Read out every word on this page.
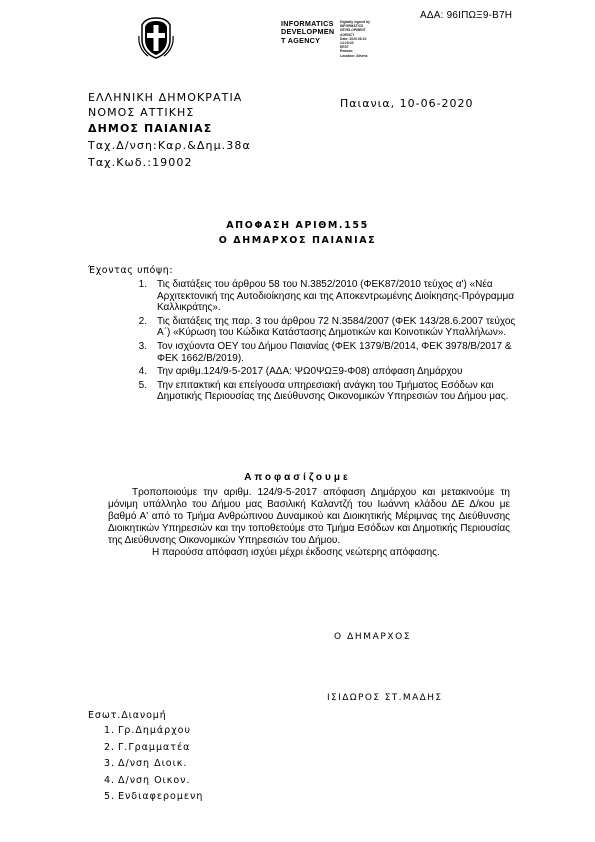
ΑΔΑ: 96ΙΠΩΞ9-Β7Η
INFORMATICS
DEVELOPMEN
T AGENCY
Digitally signed by
INFORMATICS
DEVELOPMENT AGENCY
Date: 2020.06.10 14:18:03
EEST
Reason:
Location: Athens
ΕΛΛΗΝΙΚΗ ΔΗΜΟΚΡΑΤΙΑ
ΝΟΜΟΣ ΑΤΤΙΚΗΣ
ΔΗΜΟΣ ΠΑΙΑΝΙΑΣ
Ταχ.Δ/νση:Καρ.&Δημ.38α
Ταχ.Κωδ.:19002
Παιανια, 10-06-2020
ΑΠΟΦΑΣΗ ΑΡΙΘΜ.155
Ο ΔΗΜΑΡΧΟΣ ΠΑΙΑΝΙΑΣ
Έχοντας υπόψη:
1.	Τις διατάξεις του άρθρου 58 του Ν.3852/2010 (ΦΕΚ87/2010 τεύχος α') «Νέα Αρχιτεκτονική της Αυτοδιοίκησης και της Αποκεντρωμένης Διοίκησης-Πρόγραμμα Καλλικράτης».
2.	Τις διατάξεις της παρ. 3 του άρθρου 72 Ν.3584/2007 (ΦΕΚ 143/28.6.2007 τεύχος Α΄) «Κύρωση του Κώδικα Κατάστασης Δημοτικών και Κοινοτικών Υπαλλήλων».
3.	Τον ισχύοντα ΟΕΥ του Δήμου Παιανίας (ΦΕΚ 1379/Β/2014, ΦΕΚ 3978/Β/2017 & ΦΕΚ 1662/Β/2019).
4.	Την αριθμ.124/9-5-2017 (ΑΔΑ: ΨΩ0ΨΩΞ9-Φ08) απόφαση Δημάρχου
5.	Την επιτακτική και επείγουσα υπηρεσιακή ανάγκη του Τμήματος Εσόδων και Δημοτικής Περιουσίας της Διεύθυνσης Οικονομικών Υπηρεσιών του Δήμου μας.
Αποφασίζουμε

Τροποποιούμε την αριθμ. 124/9-5-2017 απόφαση Δημάρχου και μετακινούμε τη μόνιμη υπάλληλο του Δήμου μας Βασιλική Καλαντζή του Ιωάννη κλάδου ΔΕ Δ/κου με βαθμό Α' από το Τμήμα Ανθρώπινου Δυναμικού και Διοικητικής Μέριμνας της Διεύθυνσης Διοικητικών Υπηρεσιών και την τοποθετούμε στο Τμήμα Εσόδων και Δημοτικής Περιουσίας της Διεύθυνσης Οικονομικών Υπηρεσιών του Δήμου.

Η παρούσα απόφαση ισχύει μέχρι έκδοσης νεώτερης απόφασης.

Ο ΔΗΜΑΡΧΟΣ
ΙΣΙΔΩΡΟΣ ΣΤ.ΜΑΔΗΣ
Εσωτ.Διανομή
1. Γρ.Δημάρχου
2. Γ.Γραμματέα
3. Δ/νση Διοικ.
4. Δ/νση Οικον.
5. Ενδιαφερομενη
